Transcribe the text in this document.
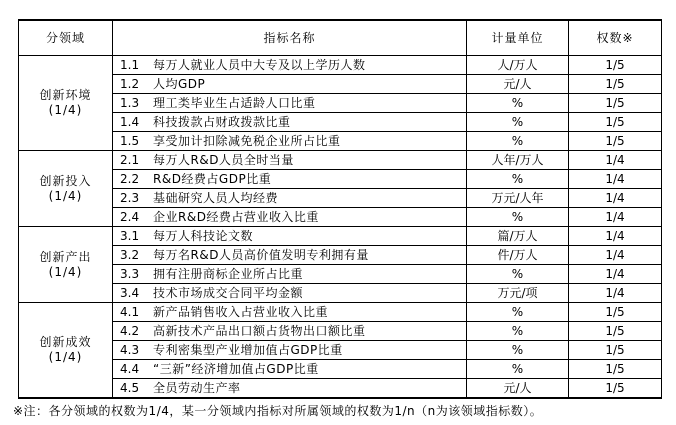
分领域	指标名称	计量单位	权数※

创新环境
(1/4)	1.1 每万人就业人员中大专及以上学历人数	人/万人	1/5
	1.2 人均GDP	元/人	1/5
	1.3 理工类毕业生占适龄人口比重	%	1/5
	1.4 科技拨款占财政拨款比重	%	1/5
	1.5 享受加计扣除减免税企业所占比重	%	1/5

创新投入
(1/4)	2.1 每万人R&D人员全时当量	人年/万人	1/4
	2.2 R&D经费占GDP比重	%	1/4
	2.3 基础研究人员人均经费	万元/人年	1/4
	2.4 企业R&D经费占营业收入比重	%	1/4

创新产出
(1/4)	3.1 每万人科技论文数	篇/万人	1/4
	3.2 每万名R&D人员高价值发明专利拥有量	件/万人	1/4
	3.3 拥有注册商标企业所占比重	%	1/4
	3.4 技术市场成交合同平均金额	万元/项	1/4

创新成效
(1/4)	4.1 新产品销售收入占营业收入比重	%	1/5
	4.2 高新技术产品出口额占货物出口额比重	%	1/5
	4.3 专利密集型产业增加值占GDP比重	%	1/5
	4.4 “三新”经济增加值占GDP比重	%	1/5
	4.5 全员劳动生产率	元/人	1/5
※注：各分领域的权数为1/4，某一分领域内指标对所属领域的权数为1/n（n为该领域指标数）。
